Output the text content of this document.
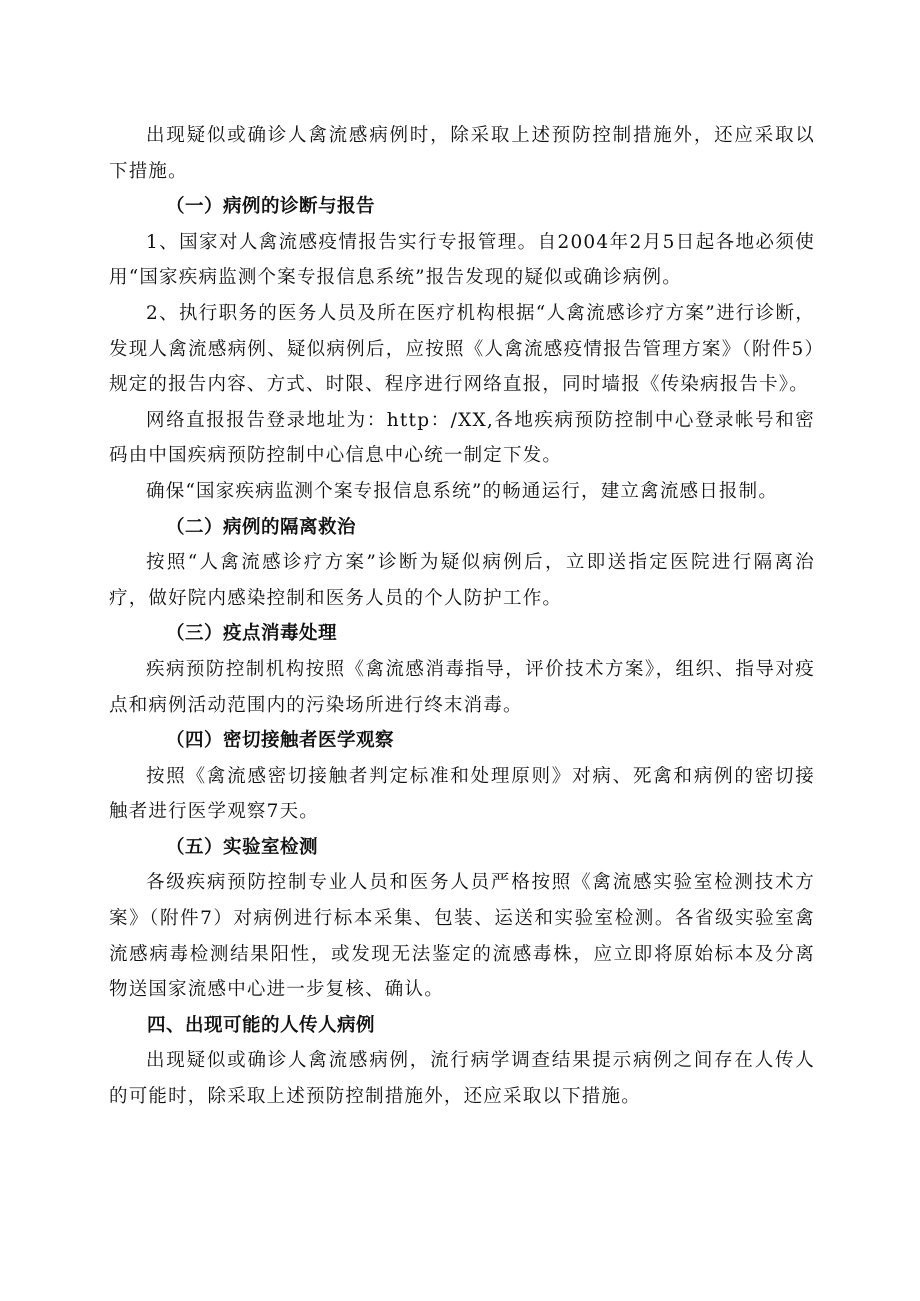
出现疑似或确诊人禽流感病例时，除采取上述预防控制措施外，还应采取以下措施。

（一）病例的诊断与报告

1、国家对人禽流感疫情报告实行专报管理。自2004年2月5日起各地必须使用“国家疾病监测个案专报信息系统”报告发现的疑似或确诊病例。

2、执行职务的医务人员及所在医疗机构根据“人禽流感诊疗方案”进行诊断，发现人禽流感病例、疑似病例后，应按照《人禽流感疫情报告管理方案》（附件5）规定的报告内容、方式、时限、程序进行网络直报，同时墙报《传染病报告卡》。

网络直报报告登录地址为：http：/XX,各地疾病预防控制中心登录帐号和密码由中国疾病预防控制中心信息中心统一制定下发。

确保“国家疾病监测个案专报信息系统”的畅通运行，建立禽流感日报制。

（二）病例的隔离救治

按照“人禽流感诊疗方案”诊断为疑似病例后，立即送指定医院进行隔离治疗，做好院内感染控制和医务人员的个人防护工作。

（三）疫点消毒处理

疾病预防控制机构按照《禽流感消毒指导，评价技术方案》，组织、指导对疫点和病例活动范围内的污染场所进行终末消毒。

（四）密切接触者医学观察

按照《禽流感密切接触者判定标准和处理原则》对病、死禽和病例的密切接触者进行医学观察7天。

（五）实验室检测

各级疾病预防控制专业人员和医务人员严格按照《禽流感实验室检测技术方案》（附件7）对病例进行标本采集、包装、运送和实验室检测。各省级实验室禽流感病毒检测结果阳性，或发现无法鉴定的流感毒株，应立即将原始标本及分离物送国家流感中心进一步复核、确认。

四、出现可能的人传人病例

出现疑似或确诊人禽流感病例，流行病学调查结果提示病例之间存在人传人的可能时，除采取上述预防控制措施外，还应采取以下措施。
